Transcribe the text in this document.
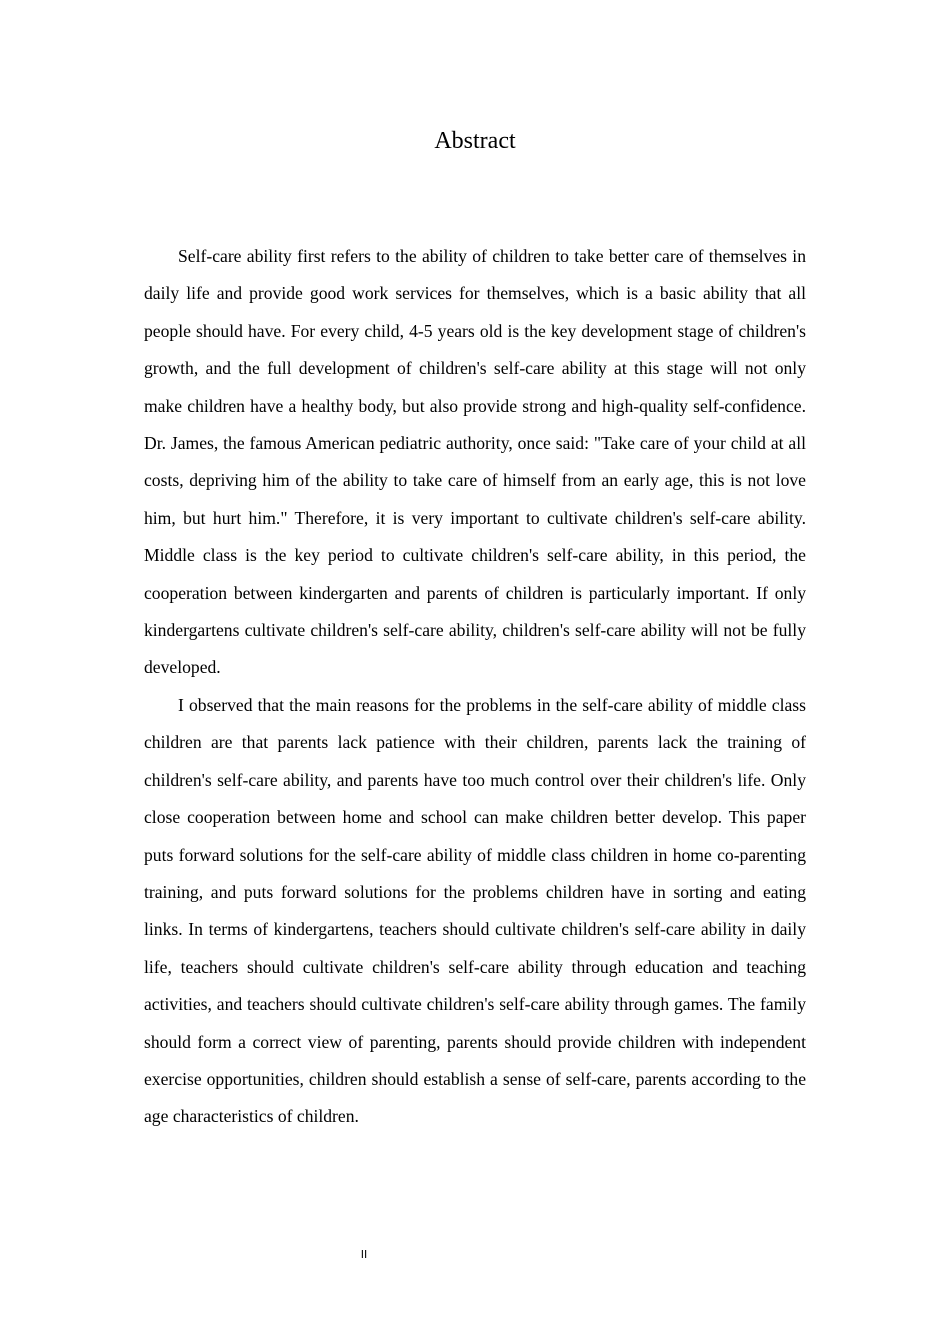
Abstract

Self-care ability first refers to the ability of children to take better care of themselves in daily life and provide good work services for themselves, which is a basic ability that all people should have. For every child, 4-5 years old is the key development stage of children's growth, and the full development of children's self-care ability at this stage will not only make children have a healthy body, but also provide strong and high-quality self-confidence. Dr. James, the famous American pediatric authority, once said: "Take care of your child at all costs, depriving him of the ability to take care of himself from an early age, this is not love him, but hurt him." Therefore, it is very important to cultivate children's self-care ability. Middle class is the key period to cultivate children's self-care ability, in this period, the cooperation between kindergarten and parents of children is particularly important. If only kindergartens cultivate children's self-care ability, children's self-care ability will not be fully developed.

I observed that the main reasons for the problems in the self-care ability of middle class children are that parents lack patience with their children, parents lack the training of children's self-care ability, and parents have too much control over their children's life. Only close cooperation between home and school can make children better develop. This paper puts forward solutions for the self-care ability of middle class children in home co-parenting training, and puts forward solutions for the problems children have in sorting and eating links. In terms of kindergartens, teachers should cultivate children's self-care ability in daily life, teachers should cultivate children's self-care ability through education and teaching activities, and teachers should cultivate children's self-care ability through games. The family should form a correct view of parenting, parents should provide children with independent exercise opportunities, children should establish a sense of self-care, parents according to the age characteristics of children.

II
